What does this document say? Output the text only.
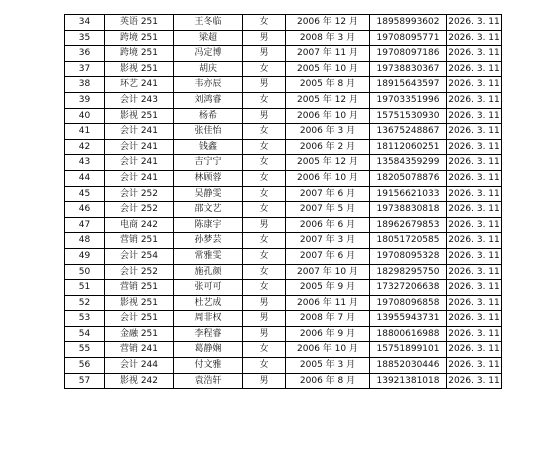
34	英语 251	王冬临	女	2006 年 12 月	18958993602	2026. 3. 11
35	跨境 251	梁超	男	2008 年 3 月	19708095771	2026. 3. 11
36	跨境 251	冯定博	男	2007 年 11 月	19708097186	2026. 3. 11
37	影视 251	胡庆	女	2005 年 10 月	19738830367	2026. 3. 11
38	环艺 241	韦亦辰	男	2005 年 8 月	18915643597	2026. 3. 11
39	会计 243	刘鸿睿	女	2005 年 12 月	19703351996	2026. 3. 11
40	影视 251	杨希	男	2006 年 10 月	15751530930	2026. 3. 11
41	会计 241	张佳怡	女	2006 年 3 月	13675248867	2026. 3. 11
42	会计 241	钱鑫	女	2006 年 2 月	18112060251	2026. 3. 11
43	会计 241	吉宁宁	女	2005 年 12 月	13584359299	2026. 3. 11
44	会计 241	林顾蓉	女	2006 年 10 月	18205078876	2026. 3. 11
45	会计 252	吴静雯	女	2007 年 6 月	19156621033	2026. 3. 11
46	会计 252	邵文艺	女	2007 年 5 月	19738830818	2026. 3. 11
47	电商 242	陈康宇	男	2006 年 6 月	18962679853	2026. 3. 11
48	营销 251	孙梦芸	女	2007 年 3 月	18051720585	2026. 3. 11
49	会计 254	常雅雯	女	2007 年 6 月	19708095328	2026. 3. 11
50	会计 252	施孔颜	女	2007 年 10 月	18298295750	2026. 3. 11
51	营销 251	张可可	女	2005 年 9 月	17327206638	2026. 3. 11
52	影视 251	杜艺成	男	2006 年 11 月	19708096858	2026. 3. 11
53	会计 251	周非权	男	2008 年 7 月	13955943731	2026. 3. 11
54	金融 251	李程睿	男	2006 年 9 月	18800616988	2026. 3. 11
55	营销 241	葛静娴	女	2006 年 10 月	15751899101	2026. 3. 11
56	会计 244	付文雅	女	2005 年 3 月	18852030446	2026. 3. 11
57	影视 242	袁浩轩	男	2006 年 8 月	13921381018	2026. 3. 11
